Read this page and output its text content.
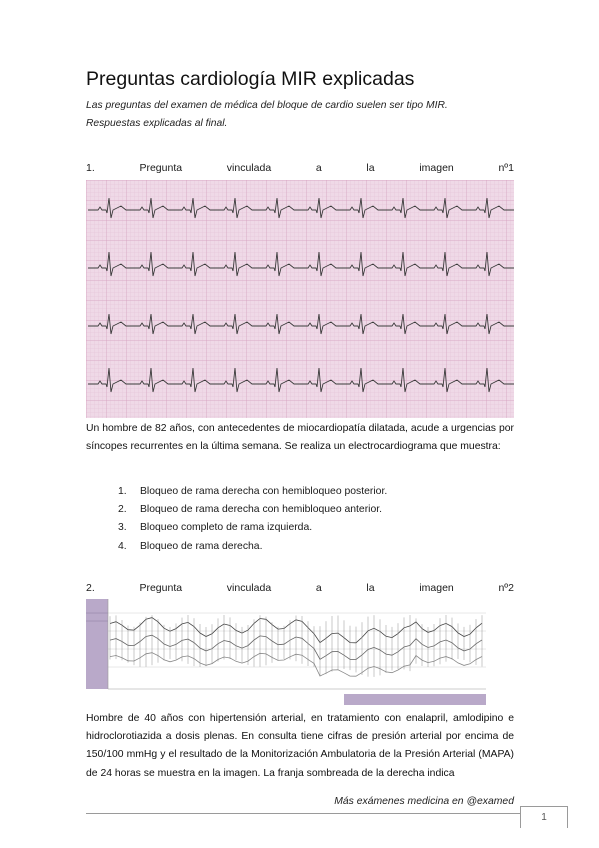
Preguntas cardiología MIR explicadas
Las preguntas del examen de médica del bloque de cardio suelen ser tipo MIR.
Respuestas explicadas al final.
1.	Pregunta	vinculada	a	la	imagen	nº1
Un hombre de 82 años, con antecedentes de miocardiopatía dilatada, acude a urgencias por síncopes recurrentes en la última semana. Se realiza un electrocardiograma que muestra:
1.	Bloqueo de rama derecha con hemibloqueo posterior.
2.	Bloqueo de rama derecha con hemibloqueo anterior.
3.	Bloqueo completo de rama izquierda.
4.	Bloqueo de rama derecha.
2.	Pregunta	vinculada	a	la	imagen	nº2
Hombre de 40 años con hipertensión arterial, en tratamiento con enalapril, amlodipino e hidroclorotiazida a dosis plenas. En consulta tiene cifras de presión arterial por encima de 150/100 mmHg y el resultado de la Monitorización Ambulatoria de la Presión Arterial (MAPA) de 24 horas se muestra en la imagen. La franja sombreada de la derecha indica
Más exámenes medicina en @examed
1
